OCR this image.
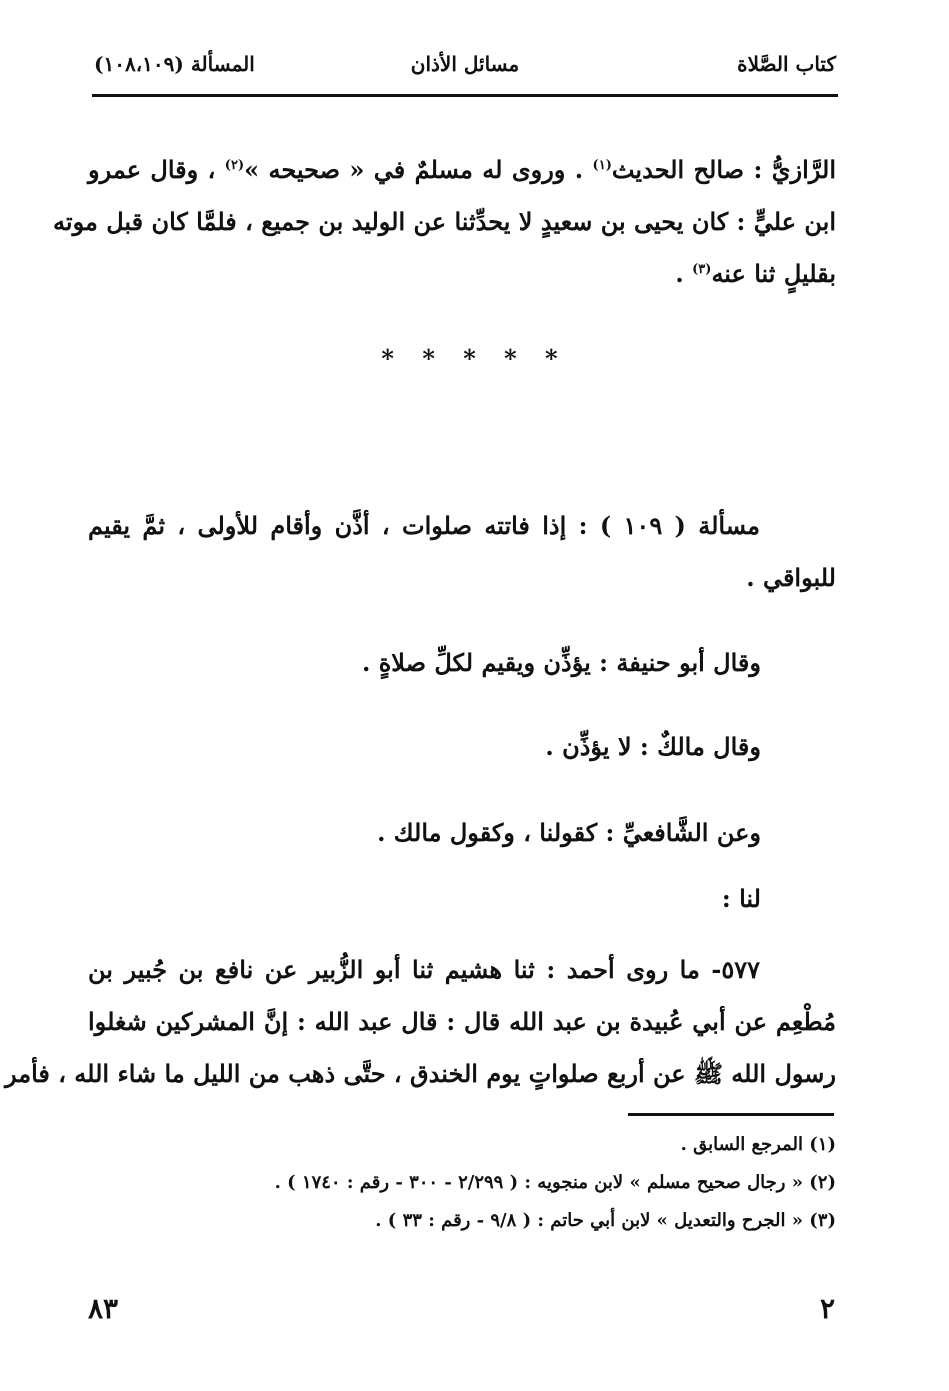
كتاب الصَّلاة
مسائل الأذان
المسألة (١٠٨،١٠٩)
الرَّازيُّ : صالح الحديث$^{(١)}$ . وروى له مسلمٌ في « صحيحه »$^{(٢)}$ ، وقال عمرو
ابن عليٍّ : كان يحيى بن سعيدٍ لا يحدِّثنا عن الوليد بن جميع ، فلمَّا كان قبل موته
بقليلٍ ثنا عنه$^{(٣)}$ .
* * * * *
مسألة ( ١٠٩ ) : إذا فاتته صلوات ، أذَّن وأقام للأولى ، ثمَّ يقيم
للبواقي .
وقال أبو حنيفة : يؤذِّن ويقيم لكلِّ صلاةٍ .
وقال مالكٌ : لا يؤذِّن .
وعن الشَّافعيِّ : كقولنا ، وكقول مالك .
لنا :
٥٧٧- ما روى أحمد : ثنا هشيم ثنا أبو الزُّبير عن نافع بن جُبير بن
مُطْعِم عن أبي عُبيدة بن عبد الله قال : قال عبد الله : إنَّ المشركين شغلوا
رسول الله ﷺ عن أربع صلواتٍ يوم الخندق ، حتَّى ذهب من الليل ما شاء الله ، فأمر
(١) المرجع السابق .
(٢) « رجال صحيح مسلم » لابن منجويه : ( ٢/٢٩٩ - ٣٠٠ - رقم : ١٧٤٠ ) .
(٣) « الجرح والتعديل » لابن أبي حاتم : ( ٩/٨ - رقم : ٣٣ ) .
٢
٨٣
